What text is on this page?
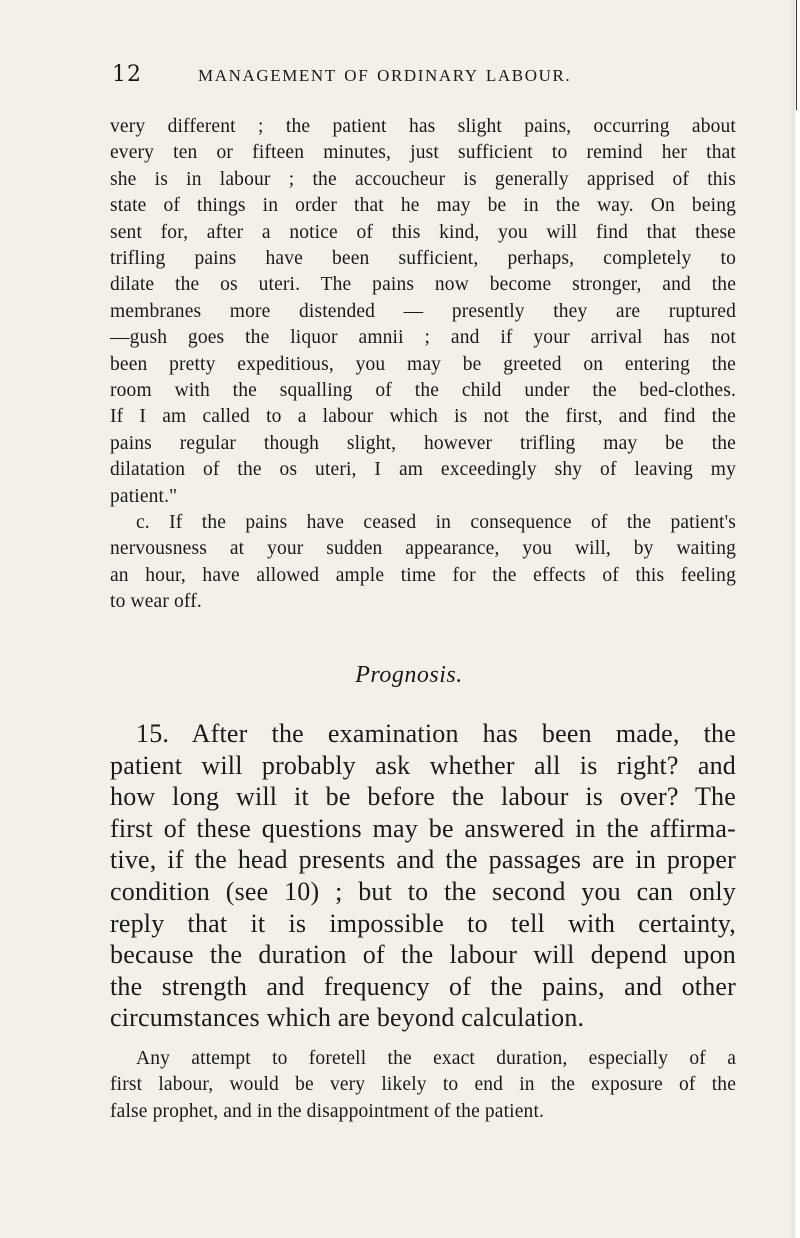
12	MANAGEMENT OF ORDINARY LABOUR.
very different ; the patient has slight pains, occurring about
every ten or fifteen minutes, just sufficient to remind her that
she is in labour ; the accoucheur is generally apprised of this
state of things in order that he may be in the way. On being
sent for, after a notice of this kind, you will find that these
trifling pains have been sufficient, perhaps, completely to
dilate the os uteri. The pains now become stronger, and the
membranes more distended — presently they are ruptured
—gush goes the liquor amnii ; and if your arrival has not
been pretty expeditious, you may be greeted on entering the
room with the squalling of the child under the bed-clothes.
If I am called to a labour which is not the first, and find the
pains regular though slight, however trifling may be the
dilatation of the os uteri, I am exceedingly shy of leaving my
patient."
c. If the pains have ceased in consequence of the patient's
nervousness at your sudden appearance, you will, by waiting
an hour, have allowed ample time for the effects of this feeling
to wear off.
Prognosis.
15. After the examination has been made, the
patient will probably ask whether all is right? and
how long will it be before the labour is over? The
first of these questions may be answered in the affirma-
tive, if the head presents and the passages are in proper
condition (see 10) ; but to the second you can only
reply that it is impossible to tell with certainty,
because the duration of the labour will depend upon
the strength and frequency of the pains, and other
circumstances which are beyond calculation.
Any attempt to foretell the exact duration, especially of a
first labour, would be very likely to end in the exposure of the
false prophet, and in the disappointment of the patient.
